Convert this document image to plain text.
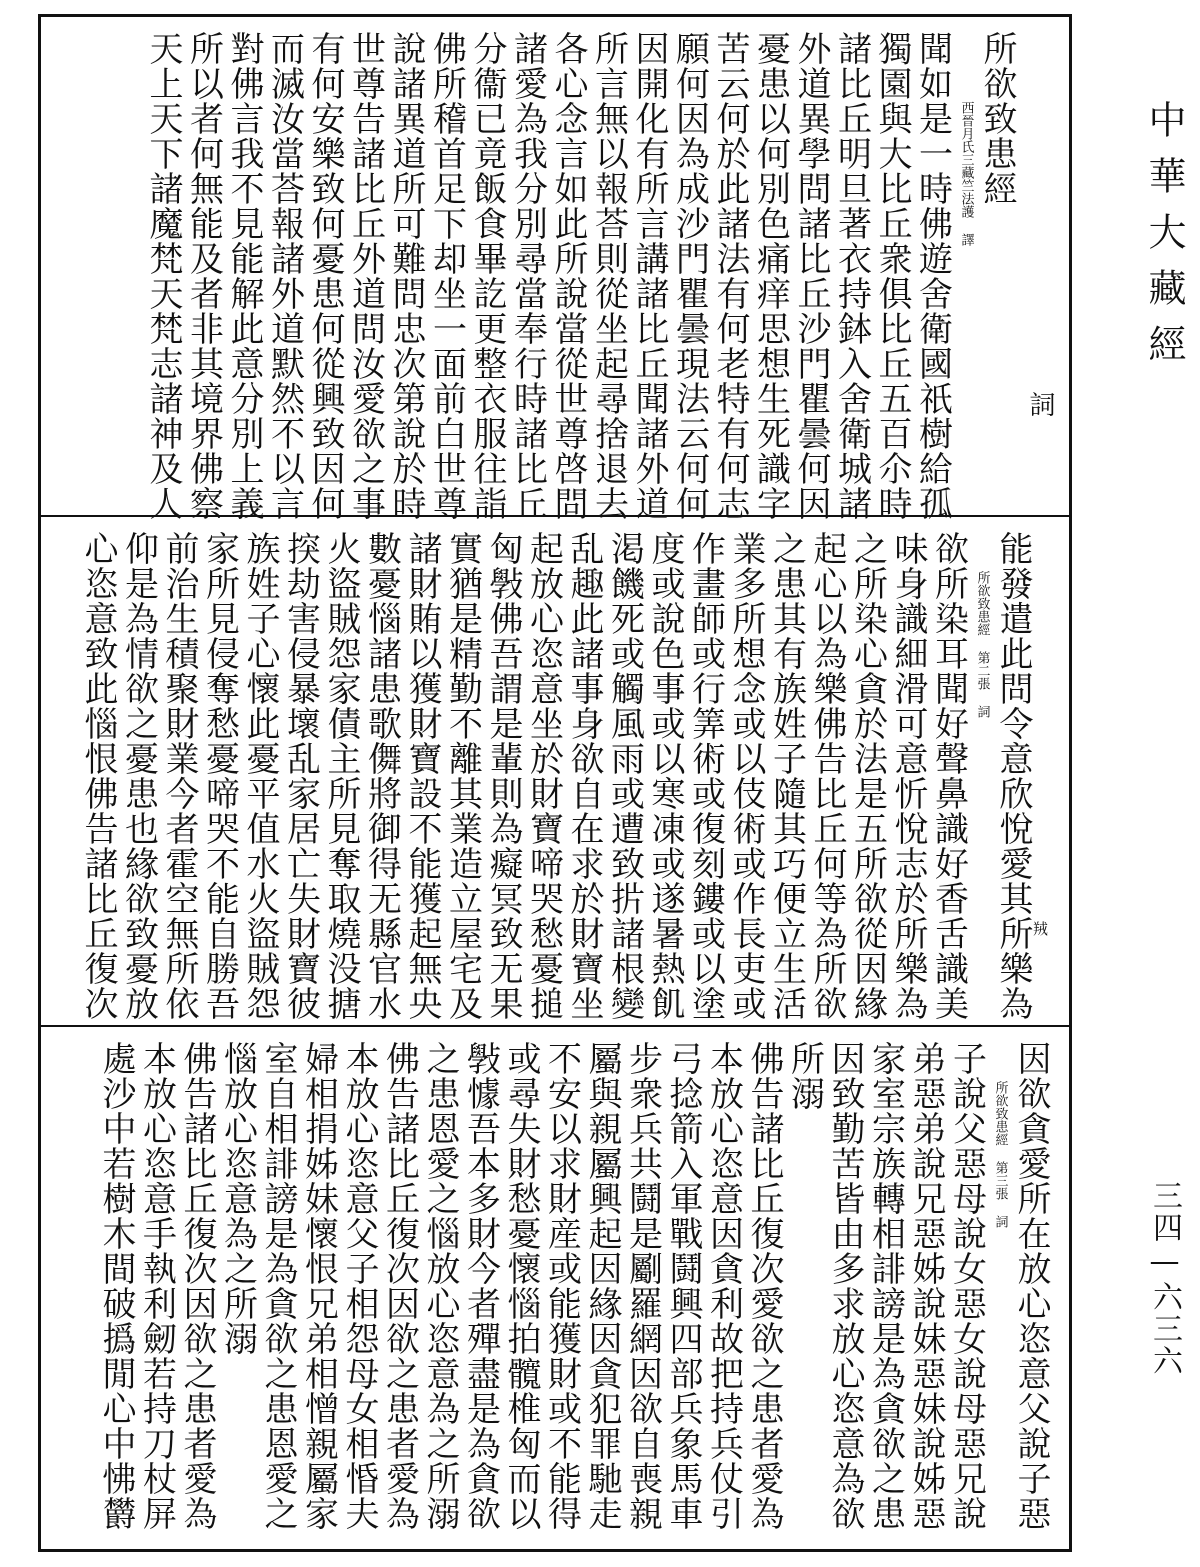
詞
所欲致患經
西晉月氏三藏竺法護 譯
聞如是一時佛遊舍衛國祇樹給孤
獨園與大比丘衆俱比丘五百尒時
諸比丘明旦著衣持鉢入舍衛城諸
外道異學問諸比丘沙門瞿曇何因
憂患以何別色痛痒思想生死識字
苦云何於此諸法有何老特有何志
願何因為成沙門瞿曇現法云何何
因開化有所言講諸比丘聞諸外道
所言無以報荅則從坐起尋捨退去
各心念言如此所說當從世尊啓問
諸愛為我分別尋當奉行時諸比丘
分衞已竟飯食畢訖更整衣服往詣
佛所稽首足下却坐一面前白世尊
說諸異道所可難問忠次第說於時
世尊告諸比丘外道問汝愛欲之事
有何安樂致何憂患何從興致因何
而滅汝當荅報諸外道默然不以言
對佛言我不見能解此意分別上義
所以者何無能及者非其境界佛察
天上天下諸魔梵天梵志諸神及人
羢
能發遣此問令意欣悅愛其所樂為
所欲致患經 第二張 詞
欲所染耳聞好聲鼻識好香舌識美
味身識細滑可意忻悅志於所樂為
之所染心貪於法是五所欲從因緣
起心以為樂佛告比丘何等為所欲
之患其有族姓子隨其巧便立生活
業多所想念或以伎術或作長吏或
作畫師或行筭術或復刻鏤或以塗
度或說色事或以寒凍或遂暑熱飢
渇饑死或觸風雨或遭致扸諸根變
乱趣此諸事身欲自在求於財寶坐
起放心恣意坐於財寶啼哭愁憂搥
匈斅佛吾謂是輩則為癡冥致无果
實猶是精勤不離其業造立屋宅及
諸財賄以獲財寶設不能獲起無央
數憂惱諸患歌儛將御得无縣官水
火盜賊怨家債主所見奪取燒没搪
揬劫害侵暴壞乱家居亡失財寶彼
族姓子心懷此憂平值水火盜賊怨
家所見侵奪愁憂啼哭不能自勝吾
前治生積聚財業今者霍空無所依
仰是為情欲之憂患也緣欲致憂放
心恣意致此惱恨佛告諸比丘復次
因欲貪愛所在放心恣意父說子惡
所欲致患經 第三張 詞
子說父惡母說女惡女說母惡兄說
弟惡弟說兄惡姊說妹惡妹說姊惡
家室宗族轉相誹謗是為貪欲之患
因致勤苦皆由多求放心恣意為欲
所溺
佛告諸比丘復次愛欲之患者愛為
本放心恣意因貪利故把持兵仗引
弓捻箭入軍戰鬪興四部兵象馬車
步衆兵共鬪是劚羅網因欲自喪親
屬與親屬興起因緣因貪犯罪馳走
不安以求財産或能獲財或不能得
或尋失財愁憂懷惱拍髖椎匈而以
斅懅吾本多財今者殫盡是為貪欲
之患恩愛之惱放心恣意為之所溺
佛告諸比丘復次因欲之患者愛為
本放心恣意父子相怨母女相惛夫
婦相捐姊妹懷恨兄弟相憎親屬家
室自相誹謗是為貪欲之患恩愛之
惱放心恣意為之所溺
佛告諸比丘復次因欲之患者愛為
本放心恣意手執利劒若持刀杖屏
處沙中若樹木間破撝閒心中怫欝
中華大藏經
三四—六三六
